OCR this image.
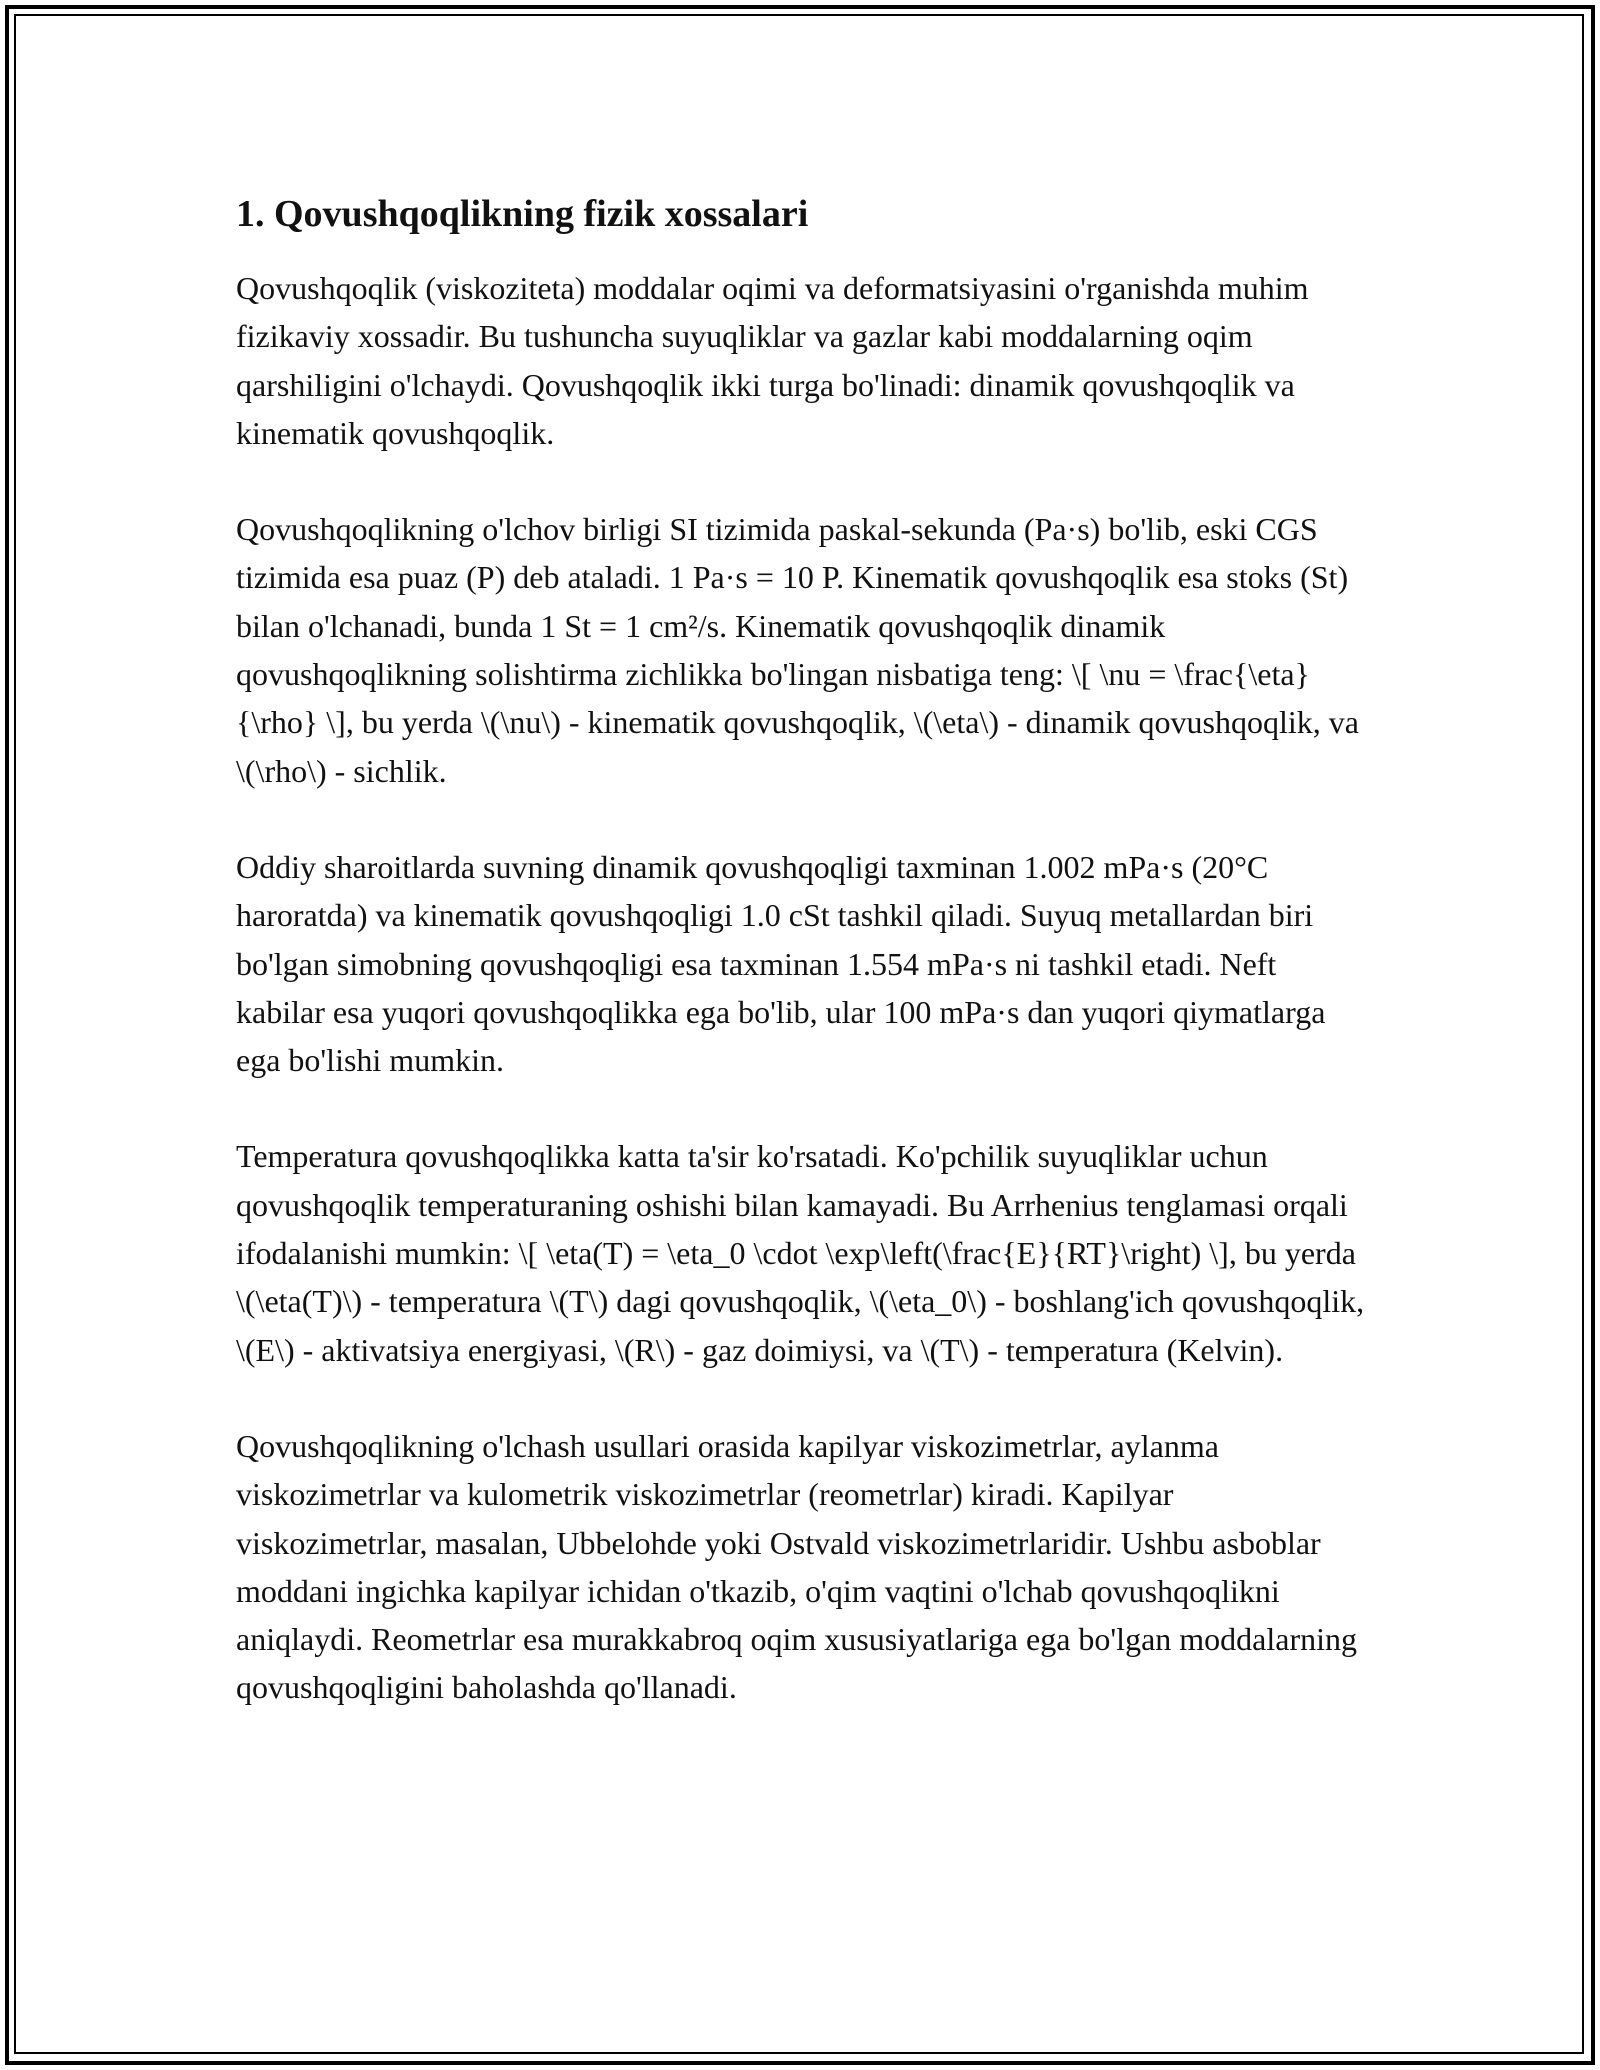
1. Qovushqoqlikning fizik xossalari

Qovushqoqlik (viskoziteta) moddalar oqimi va deformatsiyasini o'rganishda muhim fizikaviy xossadir. Bu tushuncha suyuqliklar va gazlar kabi moddalarning oqim qarshiligini o'lchaydi. Qovushqoqlik ikki turga bo'linadi: dinamik qovushqoqlik va kinematik qovushqoqlik.

Qovushqoqlikning o'lchov birligi SI tizimida paskal-sekunda (Pa·s) bo'lib, eski CGS tizimida esa puaz (P) deb ataladi. 1 Pa·s = 10 P. Kinematik qovushqoqlik esa stoks (St) bilan o'lchanadi, bunda 1 St = 1 cm²/s. Kinematik qovushqoqlik dinamik qovushqoqlikning solishtirma zichlikka bo'lingan nisbatiga teng: \[ \nu = \frac{\eta}{\rho} \], bu yerda \(\nu\) - kinematik qovushqoqlik, \(\eta\) - dinamik qovushqoqlik, va \(\rho\) - sichlik.

Oddiy sharoitlarda suvning dinamik qovushqoqligi taxminan 1.002 mPa·s (20°C haroratda) va kinematik qovushqoqligi 1.0 cSt tashkil qiladi. Suyuq metallardan biri bo'lgan simobning qovushqoqligi esa taxminan 1.554 mPa·s ni tashkil etadi. Neft kabilar esa yuqori qovushqoqlikka ega bo'lib, ular 100 mPa·s dan yuqori qiymatlarga ega bo'lishi mumkin.

Temperatura qovushqoqlikka katta ta'sir ko'rsatadi. Ko'pchilik suyuqliklar uchun qovushqoqlik temperaturaning oshishi bilan kamayadi. Bu Arrhenius tenglamasi orqali ifodalanishi mumkin: \[ \eta(T) = \eta_0 \cdot \exp\left(\frac{E}{RT}\right) \], bu yerda \(\eta(T)\) - temperatura \(T\) dagi qovushqoqlik, \(\eta_0\) - boshlang'ich qovushqoqlik, \(E\) - aktivatsiya energiyasi, \(R\) - gaz doimiysi, va \(T\) - temperatura (Kelvin).

Qovushqoqlikning o'lchash usullari orasida kapilyar viskozimetrlar, aylanma viskozimetrlar va kulometrik viskozimetrlar (reometrlar) kiradi. Kapilyar viskozimetrlar, masalan, Ubbelohde yoki Ostvald viskozimetrlaridir. Ushbu asboblar moddani ingichka kapilyar ichidan o'tkazib, o'qim vaqtini o'lchab qovushqoqlikni aniqlaydi. Reometrlar esa murakkabroq oqim xususiyatlariga ega bo'lgan moddalarning qovushqoqligini baholashda qo'llanadi.
